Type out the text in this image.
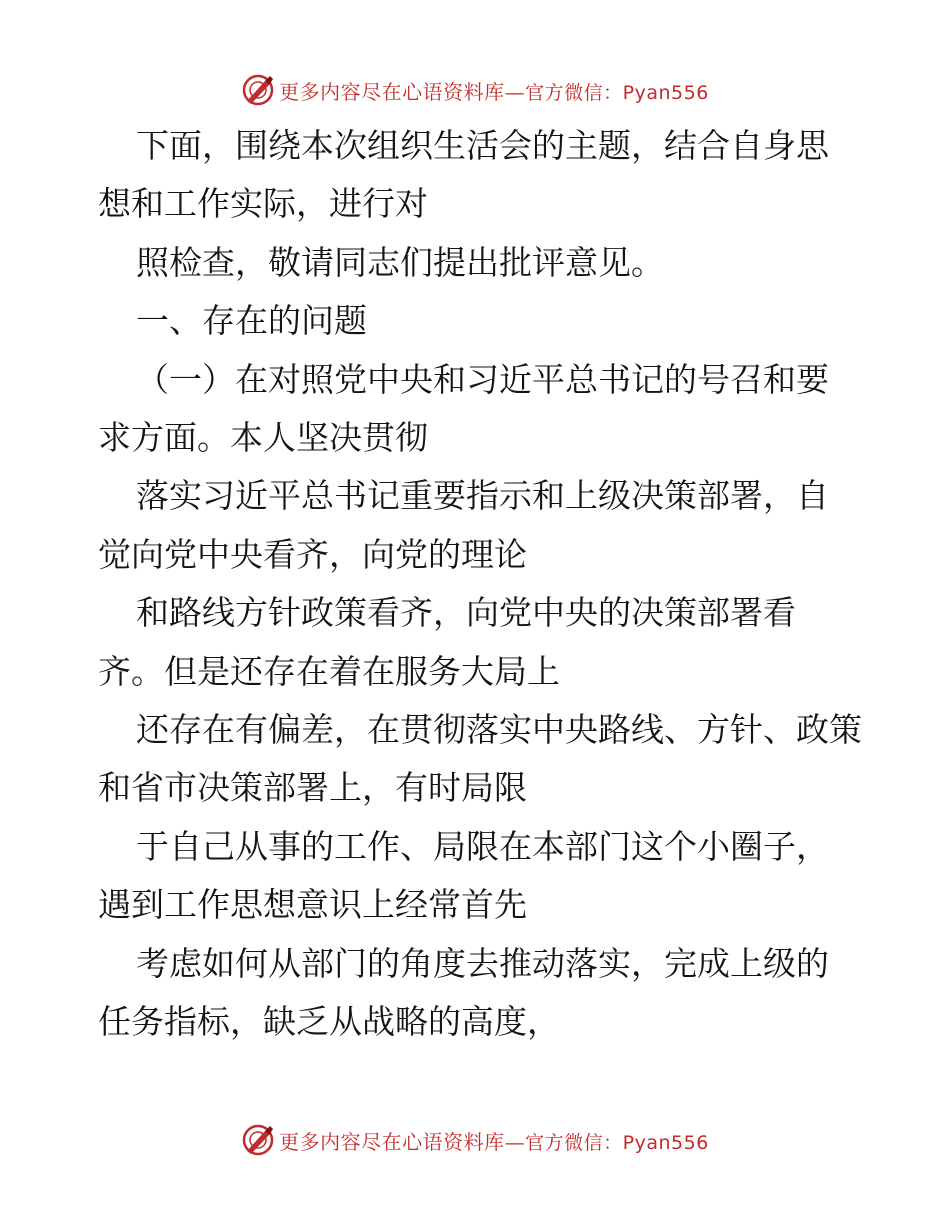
更多内容尽在心语资料库—官方微信：Pyan556

下面，围绕本次组织生活会的主题，结合自身思

想和工作实际，进行对

照检查，敬请同志们提出批评意见。

一、存在的问题

（一）在对照党中央和习近平总书记的号召和要

求方面。本人坚决贯彻

落实习近平总书记重要指示和上级决策部署，自

觉向党中央看齐，向党的理论

和路线方针政策看齐，向党中央的决策部署看

齐。但是还存在着在服务大局上

还存在有偏差，在贯彻落实中央路线、方针、政策

和省市决策部署上，有时局限

于自己从事的工作、局限在本部门这个小圈子，

遇到工作思想意识上经常首先

考虑如何从部门的角度去推动落实，完成上级的

任务指标，缺乏从战略的高度，

更多内容尽在心语资料库—官方微信：Pyan556
